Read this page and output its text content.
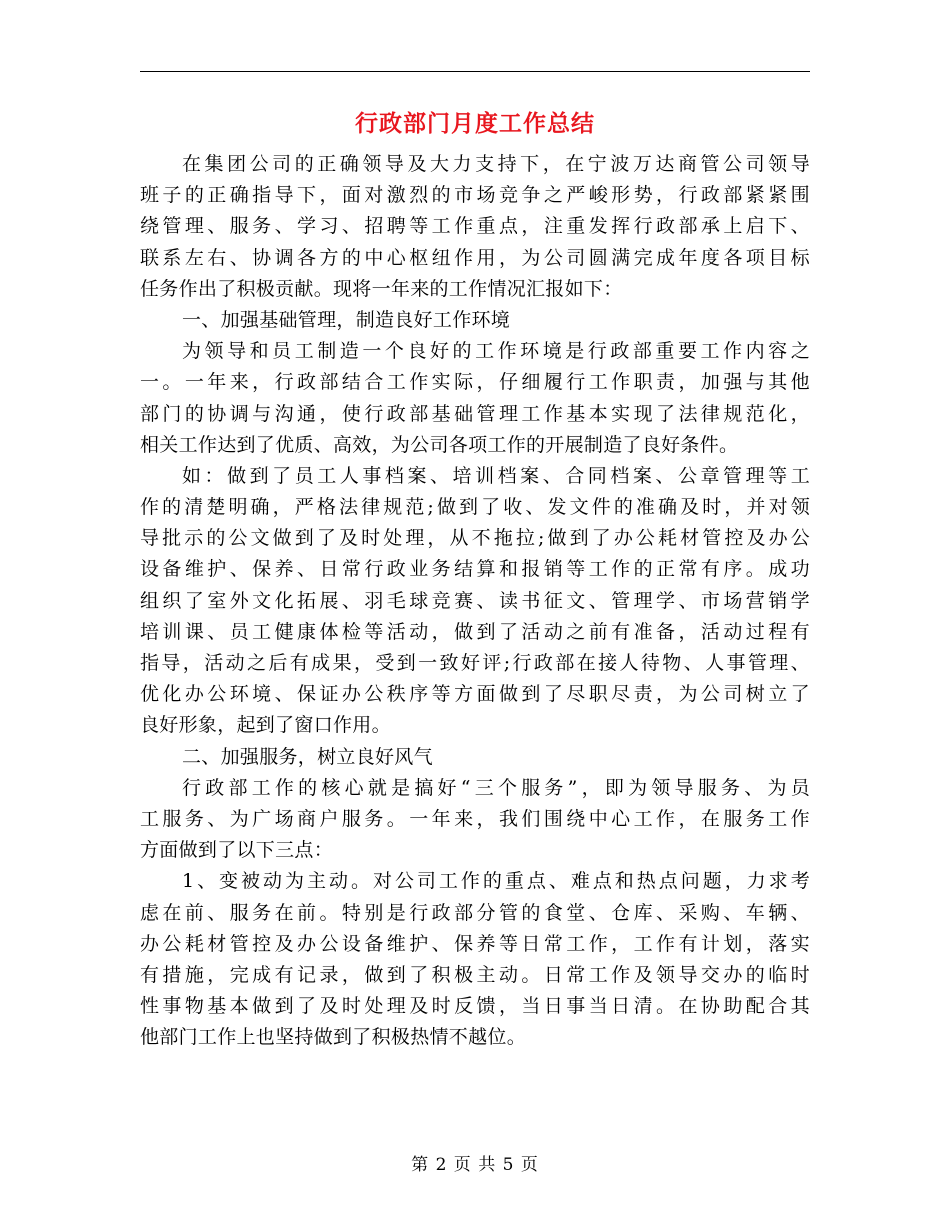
行政部门月度工作总结
在集团公司的正确领导及大力支持下，在宁波万达商管公司领导
班子的正确指导下，面对激烈的市场竞争之严峻形势，行政部紧紧围
绕管理、服务、学习、招聘等工作重点，注重发挥行政部承上启下、
联系左右、协调各方的中心枢纽作用，为公司圆满完成年度各项目标
任务作出了积极贡献。现将一年来的工作情况汇报如下：
一、加强基础管理，制造良好工作环境
为领导和员工制造一个良好的工作环境是行政部重要工作内容之
一。一年来，行政部结合工作实际，仔细履行工作职责，加强与其他
部门的协调与沟通，使行政部基础管理工作基本实现了法律规范化，
相关工作达到了优质、高效，为公司各项工作的开展制造了良好条件。
如：做到了员工人事档案、培训档案、合同档案、公章管理等工
作的清楚明确，严格法律规范;做到了收、发文件的准确及时，并对领
导批示的公文做到了及时处理，从不拖拉;做到了办公耗材管控及办公
设备维护、保养、日常行政业务结算和报销等工作的正常有序。成功
组织了室外文化拓展、羽毛球竞赛、读书征文、管理学、市场营销学
培训课、员工健康体检等活动，做到了活动之前有准备，活动过程有
指导，活动之后有成果，受到一致好评;行政部在接人待物、人事管理、
优化办公环境、保证办公秩序等方面做到了尽职尽责，为公司树立了
良好形象，起到了窗口作用。
二、加强服务，树立良好风气
行政部工作的核心就是搞好“三个服务”，即为领导服务、为员
工服务、为广场商户服务。一年来，我们围绕中心工作，在服务工作
方面做到了以下三点：
1、变被动为主动。对公司工作的重点、难点和热点问题，力求考
虑在前、服务在前。特别是行政部分管的食堂、仓库、采购、车辆、
办公耗材管控及办公设备维护、保养等日常工作，工作有计划，落实
有措施，完成有记录，做到了积极主动。日常工作及领导交办的临时
性事物基本做到了及时处理及时反馈，当日事当日清。在协助配合其
他部门工作上也坚持做到了积极热情不越位。
第 2 页 共 5 页
